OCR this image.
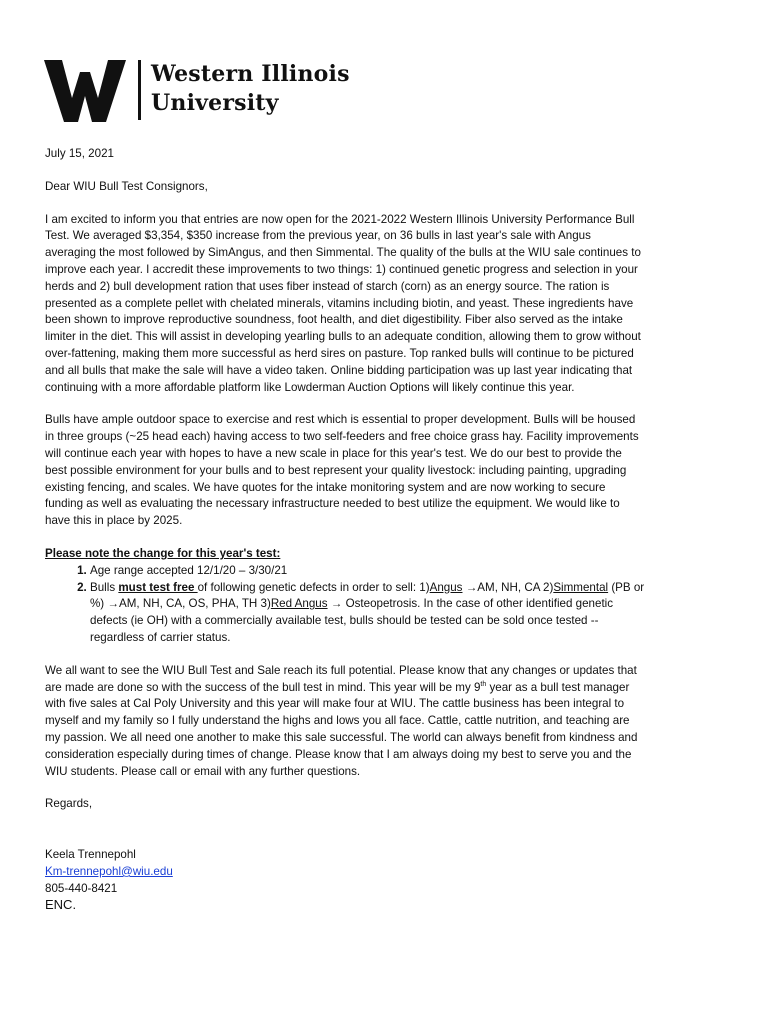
Western Illinois
University

July 15, 2021

Dear WIU Bull Test Consignors,

I am excited to inform you that entries are now open for the 2021-2022 Western Illinois University Performance Bull Test. We averaged $3,354, $350 increase from the previous year, on 36 bulls in last year's sale with Angus averaging the most followed by SimAngus, and then Simmental. The quality of the bulls at the WIU sale continues to improve each year. I accredit these improvements to two things: 1) continued genetic progress and selection in your herds and 2) bull development ration that uses fiber instead of starch (corn) as an energy source. The ration is presented as a complete pellet with chelated minerals, vitamins including biotin, and yeast. These ingredients have been shown to improve reproductive soundness, foot health, and diet digestibility. Fiber also served as the intake limiter in the diet. This will assist in developing yearling bulls to an adequate condition, allowing them to grow without over-fattening, making them more successful as herd sires on pasture. Top ranked bulls will continue to be pictured and all bulls that make the sale will have a video taken. Online bidding participation was up last year indicating that continuing with a more affordable platform like Lowderman Auction Options will likely continue this year.

Bulls have ample outdoor space to exercise and rest which is essential to proper development. Bulls will be housed in three groups (~25 head each) having access to two self-feeders and free choice grass hay. Facility improvements will continue each year with hopes to have a new scale in place for this year's test. We do our best to provide the best possible environment for your bulls and to best represent your quality livestock: including painting, upgrading existing fencing, and scales. We have quotes for the intake monitoring system and are now working to secure funding as well as evaluating the necessary infrastructure needed to best utilize the equipment. We would like to have this in place by 2025.

Please note the change for this year's test:

1. Age range accepted 12/1/20 – 3/30/21
2. Bulls must test free of following genetic defects in order to sell: 1)Angus →AM, NH, CA 2)Simmental (PB or %) →AM, NH, CA, OS, PHA, TH 3)Red Angus → Osteopetrosis. In the case of other identified genetic defects (ie OH) with a commercially available test, bulls should be tested can be sold once tested -- regardless of carrier status.

We all want to see the WIU Bull Test and Sale reach its full potential. Please know that any changes or updates that are made are done so with the success of the bull test in mind. This year will be my 9th year as a bull test manager with five sales at Cal Poly University and this year will make four at WIU. The cattle business has been integral to myself and my family so I fully understand the highs and lows you all face. Cattle, cattle nutrition, and teaching are my passion. We all need one another to make this sale successful. The world can always benefit from kindness and consideration especially during times of change. Please know that I am always doing my best to serve you and the WIU students. Please call or email with any further questions.

Regards,

Keela Trennepohl

Km-trennepohl@wiu.edu

805-440-8421

ENC.
